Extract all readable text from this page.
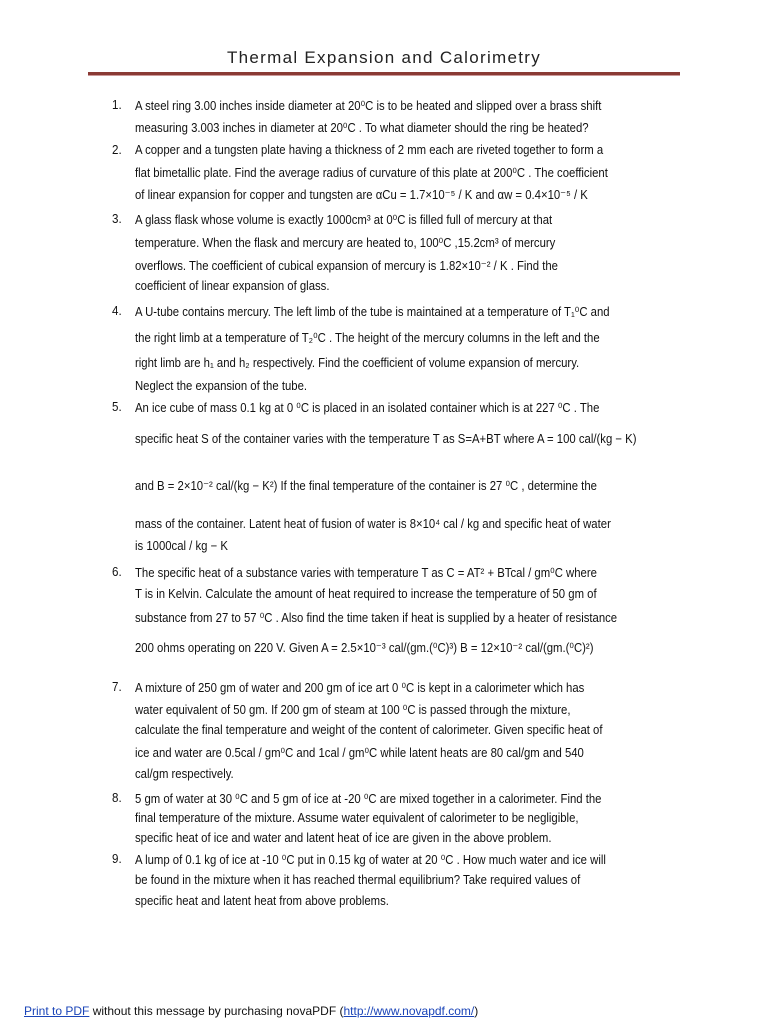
Thermal Expansion and Calorimetry
1. A steel ring 3.00 inches inside diameter at 20⁰C is to be heated and slipped over a brass shift
measuring 3.003 inches in diameter at 20⁰C . To what diameter should the ring be heated?
2. A copper and a tungsten plate having a thickness of 2 mm each are riveted together to form a
flat bimetallic plate. Find the average radius of curvature of this plate at 200⁰C . The coefficient
of linear expansion for copper and tungsten are αCu = 1.7×10⁻⁵ / K and αw = 0.4×10⁻⁵ / K
3. A glass flask whose volume is exactly 1000cm³ at 0⁰C is filled full of mercury at that
temperature. When the flask and mercury are heated to, 100⁰C ,15.2cm³ of mercury
overflows. The coefficient of cubical expansion of mercury is 1.82×10⁻² / K . Find the
coefficient of linear expansion of glass.
4. A U-tube contains mercury. The left limb of the tube is maintained at a temperature of T₁⁰C and
the right limb at a temperature of T₂⁰C . The height of the mercury columns in the left and the
right limb are h₁ and h₂ respectively. Find the coefficient of volume expansion of mercury.
Neglect the expansion of the tube.
5. An ice cube of mass 0.1 kg at 0 ⁰C is placed in an isolated container which is at 227 ⁰C . The
specific heat S of the container varies with the temperature T as S=A+BT where A = 100 cal/(kg − K)
and B = 2×10⁻² cal/(kg − K²) If the final temperature of the container is 27 ⁰C , determine the
mass of the container. Latent heat of fusion of water is 8×10⁴ cal / kg and specific heat of water
is 1000cal / kg − K
6. The specific heat of a substance varies with temperature T as C = AT² + BTcal / gm⁰C where
T is in Kelvin. Calculate the amount of heat required to increase the temperature of 50 gm of
substance from 27 to 57 ⁰C . Also find the time taken if heat is supplied by a heater of resistance
200 ohms operating on 220 V. Given A = 2.5×10⁻³ cal/(gm.(⁰C)³) B = 12×10⁻² cal/(gm.(⁰C)²)
7. A mixture of 250 gm of water and 200 gm of ice art 0 ⁰C is kept in a calorimeter which has
water equivalent of 50 gm. If 200 gm of steam at 100 ⁰C is passed through the mixture,
calculate the final temperature and weight of the content of calorimeter. Given specific heat of
ice and water are 0.5cal / gm⁰C and 1cal / gm⁰C while latent heats are 80 cal/gm and 540
cal/gm respectively.
8. 5 gm of water at 30 ⁰C and 5 gm of ice at -20 ⁰C are mixed together in a calorimeter. Find the
final temperature of the mixture. Assume water equivalent of calorimeter to be negligible,
specific heat of ice and water and latent heat of ice are given in the above problem.
9. A lump of 0.1 kg of ice at -10 ⁰C put in 0.15 kg of water at 20 ⁰C . How much water and ice will
be found in the mixture when it has reached thermal equilibrium? Take required values of
specific heat and latent heat from above problems.
Print to PDF without this message by purchasing novaPDF (http://www.novapdf.com/)
